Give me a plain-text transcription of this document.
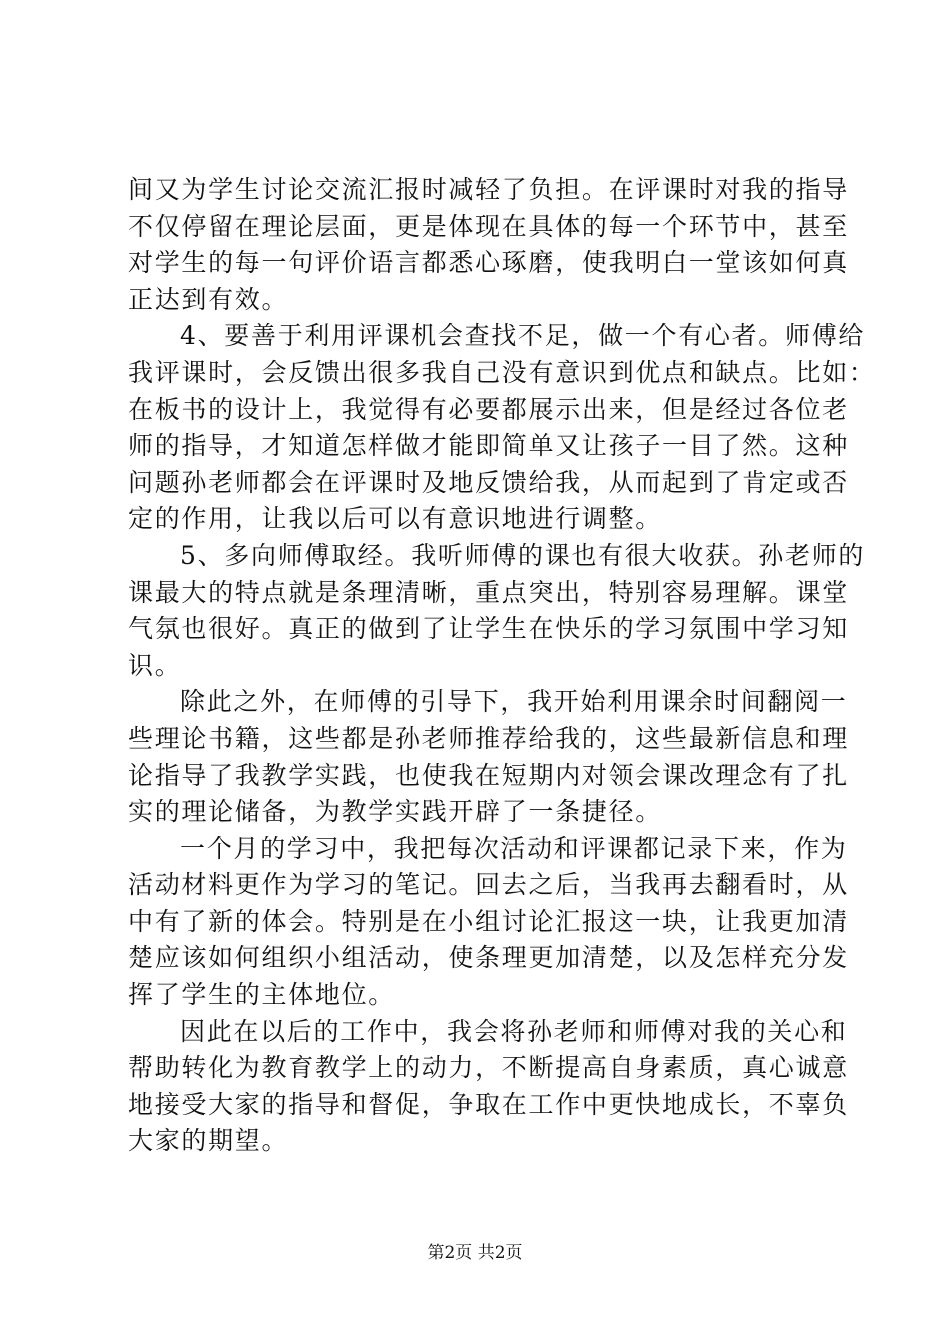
间又为学生讨论交流汇报时减轻了负担。在评课时对我的指导
不仅停留在理论层面，更是体现在具体的每一个环节中，甚至
对学生的每一句评价语言都悉心琢磨，使我明白一堂该如何真
正达到有效。
4、要善于利用评课机会查找不足，做一个有心者。师傅给
我评课时，会反馈出很多我自己没有意识到优点和缺点。比如：
在板书的设计上，我觉得有必要都展示出来，但是经过各位老
师的指导，才知道怎样做才能即简单又让孩子一目了然。这种
问题孙老师都会在评课时及地反馈给我，从而起到了肯定或否
定的作用，让我以后可以有意识地进行调整。
5、多向师傅取经。我听师傅的课也有很大收获。孙老师的
课最大的特点就是条理清晰，重点突出，特别容易理解。课堂
气氛也很好。真正的做到了让学生在快乐的学习氛围中学习知
识。
除此之外，在师傅的引导下，我开始利用课余时间翻阅一
些理论书籍，这些都是孙老师推荐给我的，这些最新信息和理
论指导了我教学实践，也使我在短期内对领会课改理念有了扎
实的理论储备，为教学实践开辟了一条捷径。
一个月的学习中，我把每次活动和评课都记录下来，作为
活动材料更作为学习的笔记。回去之后，当我再去翻看时，从
中有了新的体会。特别是在小组讨论汇报这一块，让我更加清
楚应该如何组织小组活动，使条理更加清楚，以及怎样充分发
挥了学生的主体地位。
因此在以后的工作中，我会将孙老师和师傅对我的关心和
帮助转化为教育教学上的动力，不断提高自身素质，真心诚意
地接受大家的指导和督促，争取在工作中更快地成长，不辜负
大家的期望。
第2页 共2页
